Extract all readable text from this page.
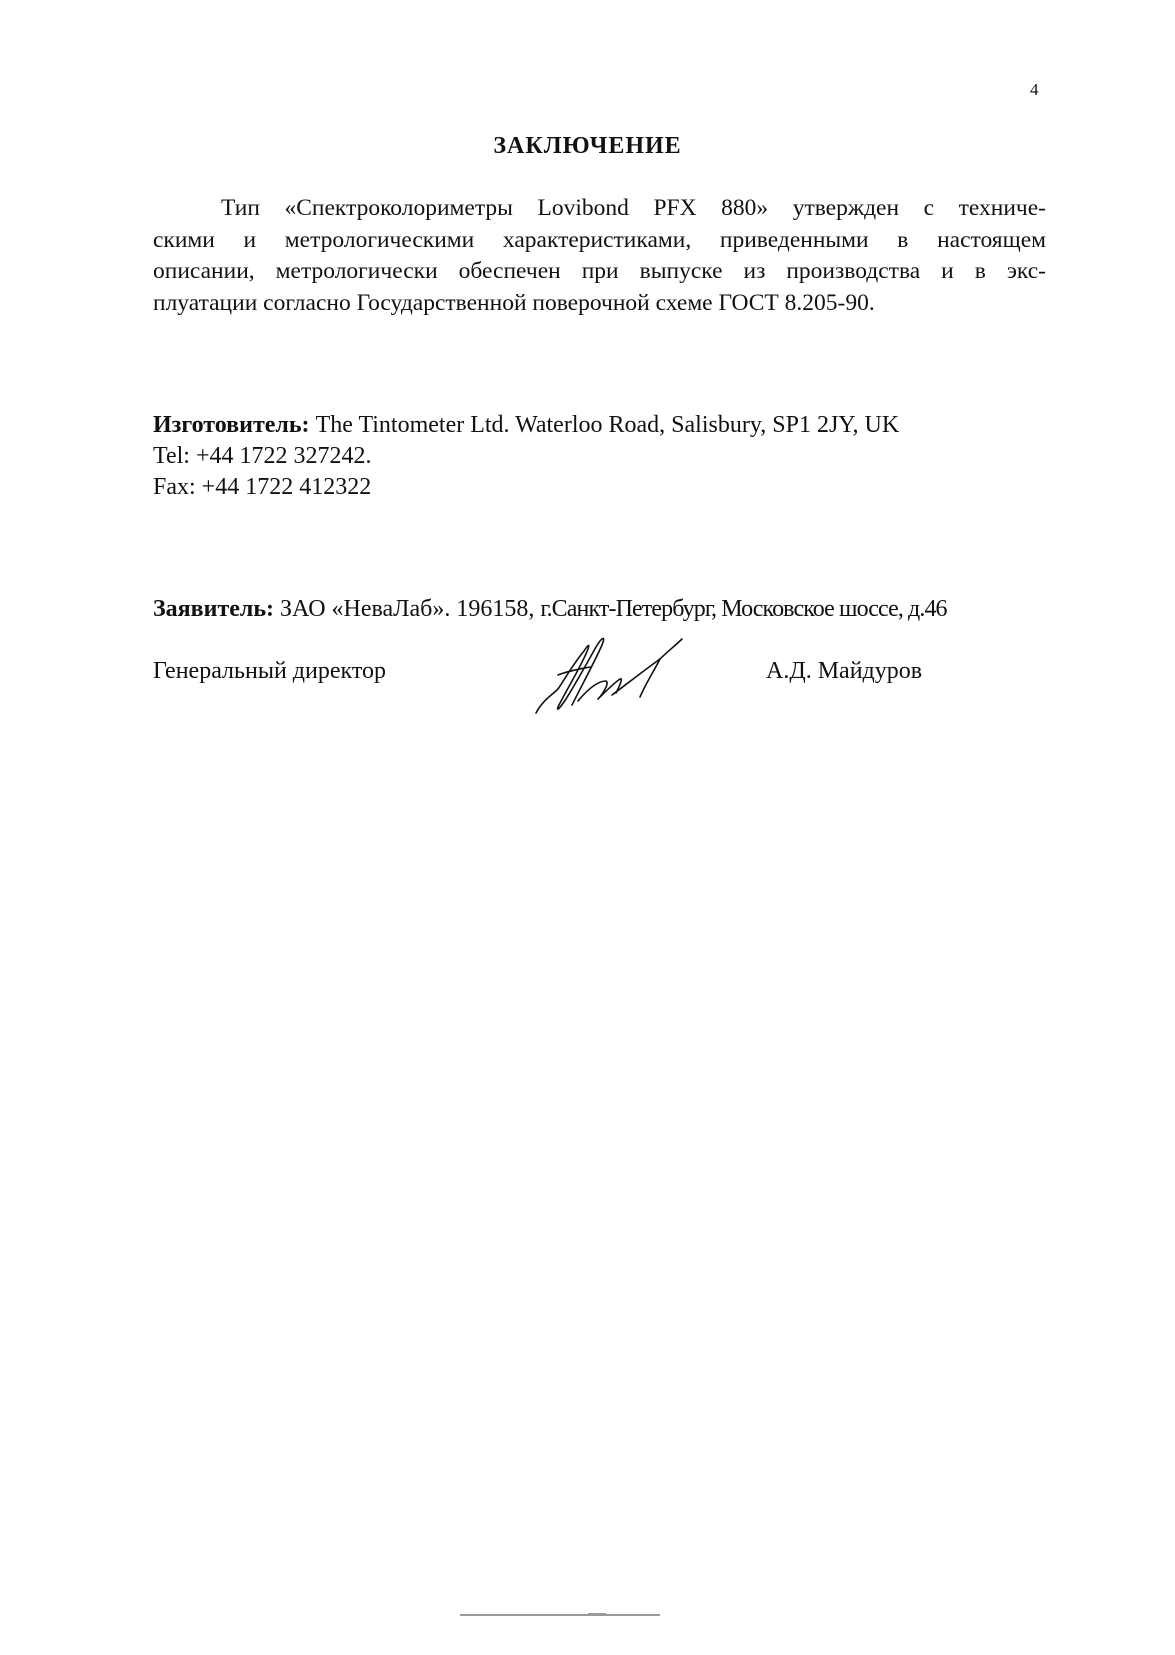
4
ЗАКЛЮЧЕНИЕ
Тип «Спектроколориметры Lovibond PFX 880» утвержден с техниче-
скими и метрологическими характеристиками, приведенными в настоящем
описании, метрологически обеспечен при выпуске из производства и в экс-
плуатации согласно Государственной поверочной схеме ГОСТ 8.205-90.
Изготовитель: The Tintometer Ltd. Waterloo Road, Salisbury, SP1 2JY, UK
Tel: +44 1722 327242.
Fax: +44 1722 412322
Заявитель: ЗАО «НеваЛаб». 196158, г.Санкт-Петербург, Московское шоссе, д.46
Генеральный директор	А.Д. Майдуров
